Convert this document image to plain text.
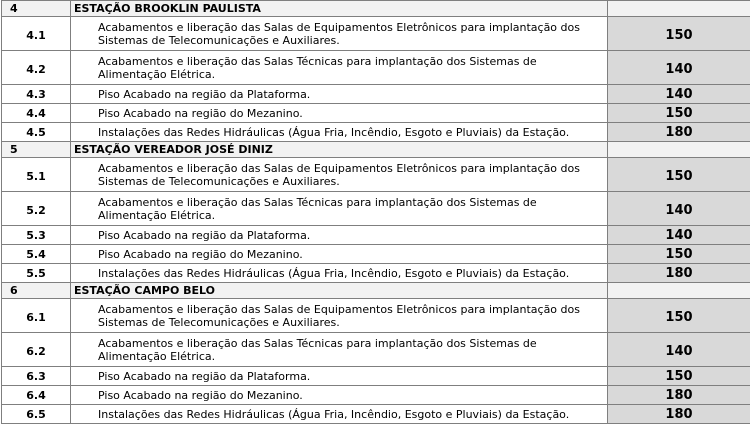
4	ESTAÇÃO BROOKLIN PAULISTA	
4.1	Acabamentos e liberação das Salas de Equipamentos Eletrônicos para implantação dos Sistemas de Telecomunicações e Auxiliares.	150
4.2	Acabamentos e liberação das Salas Técnicas para implantação dos Sistemas de Alimentação Elétrica.	140
4.3	Piso Acabado na região da Plataforma.	140
4.4	Piso Acabado na região do Mezanino.	150
4.5	Instalações das Redes Hidráulicas (Água Fria, Incêndio, Esgoto e Pluviais) da Estação.	180
5	ESTAÇÃO VEREADOR JOSÉ DINIZ	
5.1	Acabamentos e liberação das Salas de Equipamentos Eletrônicos para implantação dos Sistemas de Telecomunicações e Auxiliares.	150
5.2	Acabamentos e liberação das Salas Técnicas para implantação dos Sistemas de Alimentação Elétrica.	140
5.3	Piso Acabado na região da Plataforma.	140
5.4	Piso Acabado na região do Mezanino.	150
5.5	Instalações das Redes Hidráulicas (Água Fria, Incêndio, Esgoto e Pluviais) da Estação.	180
6	ESTAÇÃO CAMPO BELO	
6.1	Acabamentos e liberação das Salas de Equipamentos Eletrônicos para implantação dos Sistemas de Telecomunicações e Auxiliares.	150
6.2	Acabamentos e liberação das Salas Técnicas para implantação dos Sistemas de Alimentação Elétrica.	140
6.3	Piso Acabado na região da Plataforma.	150
6.4	Piso Acabado na região do Mezanino.	180
6.5	Instalações das Redes Hidráulicas (Água Fria, Incêndio, Esgoto e Pluviais) da Estação.	180
